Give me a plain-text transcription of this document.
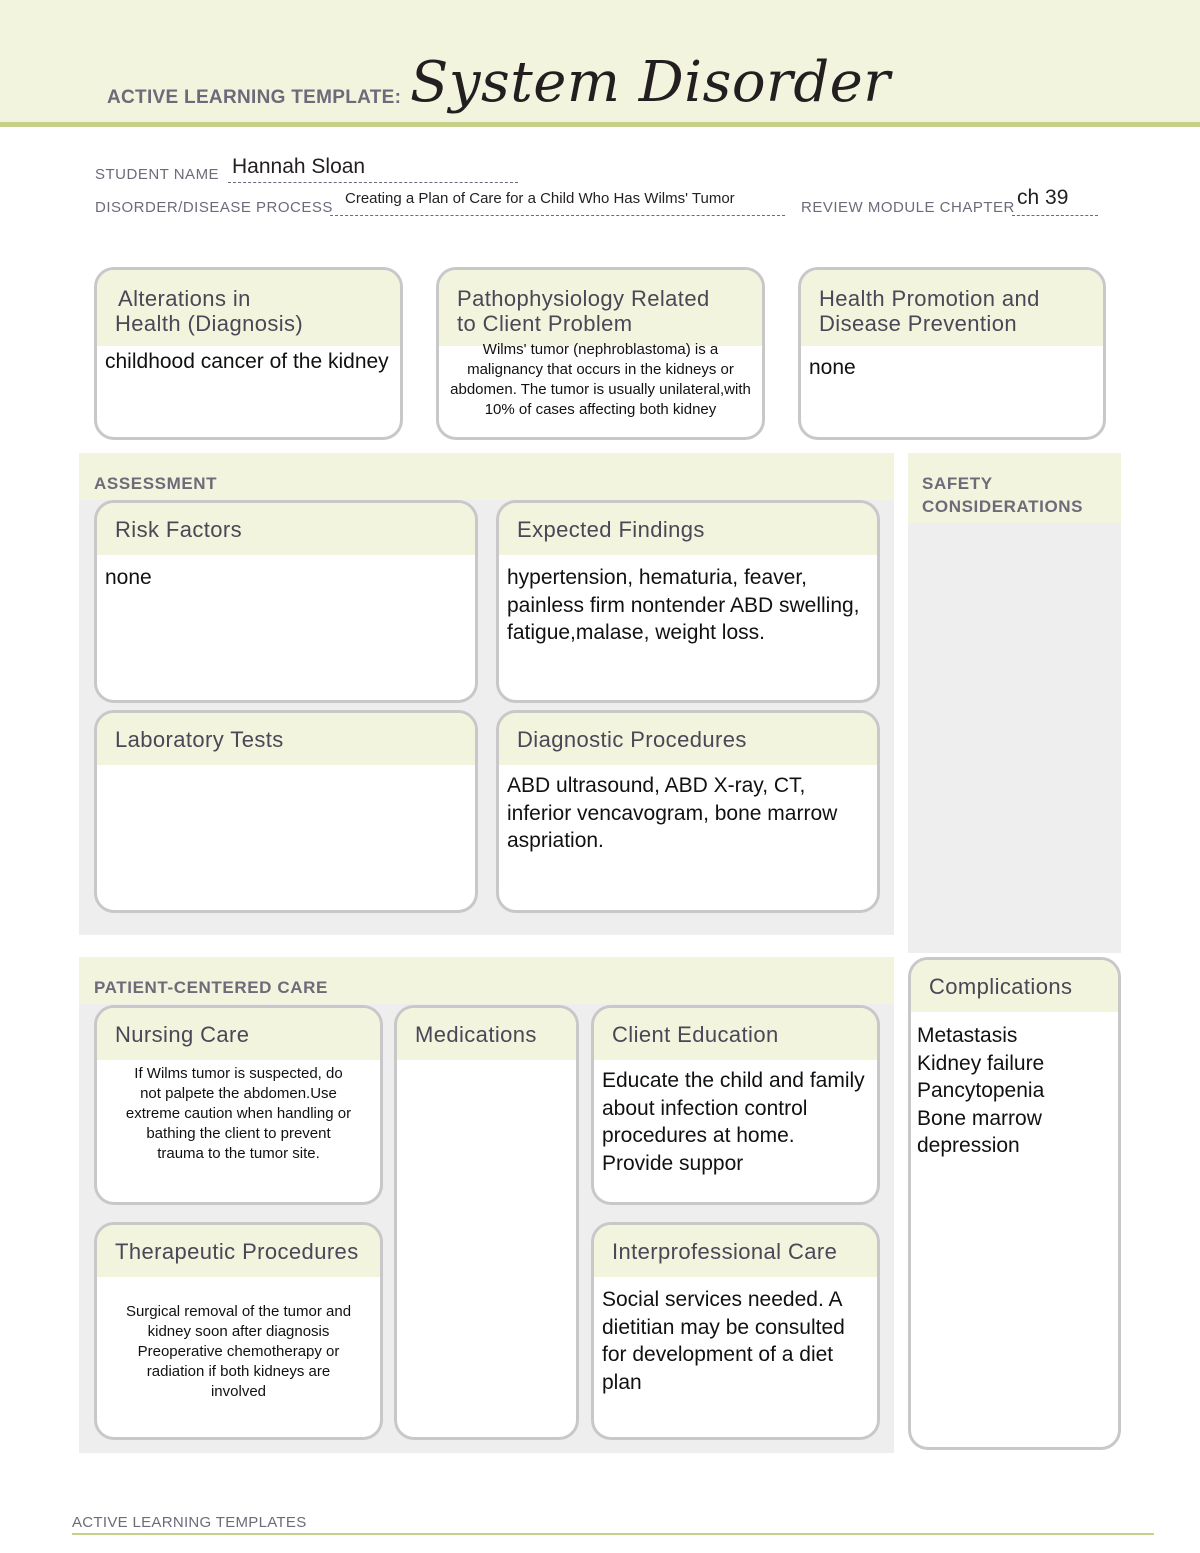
ACTIVE LEARNING TEMPLATE: System Disorder
STUDENT NAME Hannah Sloan
DISORDER/DISEASE PROCESS
Creating a Plan of Care for a Child Who Has Wilms' Tumor
REVIEW MODULE CHAPTER ch 39
Alterations in
Health (Diagnosis)
childhood cancer of the kidney
Pathophysiology Related
to Client Problem
Wilms' tumor (nephroblastoma) is a malignancy that occurs in the kidneys or abdomen. The tumor is usually unilateral,with 10% of cases affecting both kidney
Health Promotion and
Disease Prevention
none
ASSESSMENT
Risk Factors
none
Expected Findings
hypertension, hematuria, feaver, painless firm nontender ABD swelling, fatigue,malase, weight loss.
Laboratory Tests	Diagnostic Procedures
ABD ultrasound, ABD X-ray, CT, inferior vencavogram, bone marrow aspriation.
SAFETY
CONSIDERATIONS
Complications
Metastasis
Kidney failure
Pancytopenia
Bone marrow
depression
PATIENT-CENTERED CARE
Nursing Care
If Wilms tumor is suspected, do not palpete the abdomen.Use extreme caution when handling or bathing the client to prevent trauma to the tumor site.
Medications	Client Education
Educate the child and family about infection control procedures at home.
Provide suppor
Therapeutic Procedures
Surgical removal of the tumor and kidney soon after diagnosis Preoperative chemotherapy or radiation if both kidneys are involved
Interprofessional Care
Social services needed. A dietitian may be consulted for development of a diet plan
ACTIVE LEARNING TEMPLATES
